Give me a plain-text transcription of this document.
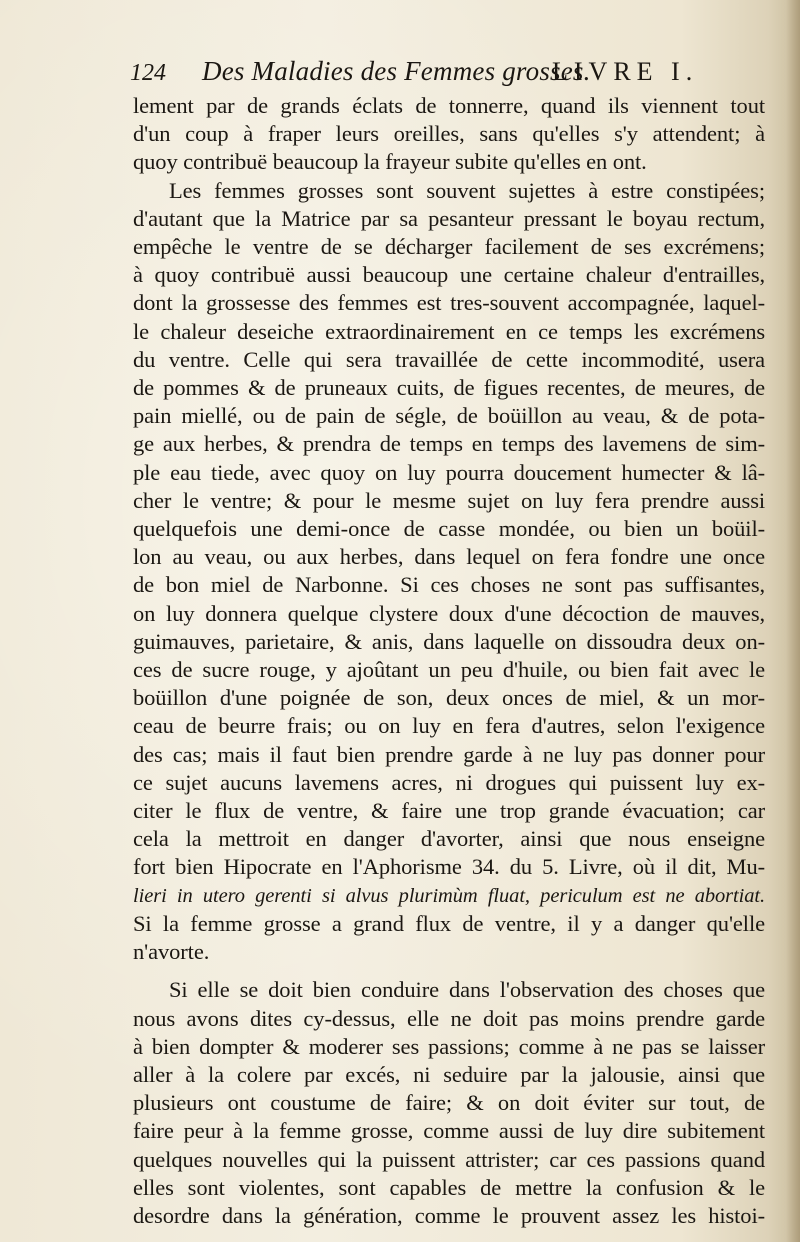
124 Des Maladies des Femmes grosses.
LIVRE I.

lement par de grands éclats de tonnerre, quand ils viennent tout
d'un coup à fraper leurs oreilles, sans qu'elles s'y attendent; à
quoy contribuë beaucoup la frayeur subite qu'elles en ont.

Les femmes grosses sont souvent sujettes à estre constipées;
d'autant que la Matrice par sa pesanteur pressant le boyau rectum,
empêche le ventre de se décharger facilement de ses excrémens;
à quoy contribuë aussi beaucoup une certaine chaleur d'entrailles,
dont la grossesse des femmes est tres-souvent accompagnée, laquel-
le chaleur deseiche extraordinairement en ce temps les excrémens
du ventre. Celle qui sera travaillée de cette incommodité, usera
de pommes & de pruneaux cuits, de figues recentes, de meures, de
pain miellé, ou de pain de ségle, de boüillon au veau, & de pota-
ge aux herbes, & prendra de temps en temps des lavemens de sim-
ple eau tiede, avec quoy on luy pourra doucement humecter & lâ-
cher le ventre; & pour le mesme sujet on luy fera prendre aussi
quelquefois une demi-once de casse mondée, ou bien un boüil-
lon au veau, ou aux herbes, dans lequel on fera fondre une once
de bon miel de Narbonne. Si ces choses ne sont pas suffisantes,
on luy donnera quelque clystere doux d'une décoction de mauves,
guimauves, parietaire, & anis, dans laquelle on dissoudra deux on-
ces de sucre rouge, y ajoûtant un peu d'huile, ou bien fait avec le
boüillon d'une poignée de son, deux onces de miel, & un mor-
ceau de beurre frais; ou on luy en fera d'autres, selon l'exigence
des cas; mais il faut bien prendre garde à ne luy pas donner pour
ce sujet aucuns lavemens acres, ni drogues qui puissent luy ex-
citer le flux de ventre, & faire une trop grande évacuation; car
cela la mettroit en danger d'avorter, ainsi que nous enseigne
fort bien Hipocrate en l'Aphorisme 34. du 5. Livre, où il dit, Mu-
lieri in utero gerenti si alvus plurimùm fluat, periculum est ne abortiat.
Si la femme grosse a grand flux de ventre, il y a danger qu'elle
n'avorte.

Si elle se doit bien conduire dans l'observation des choses que
nous avons dites cy-dessus, elle ne doit pas moins prendre garde
à bien dompter & moderer ses passions; comme à ne pas se laisser
aller à la colere par excés, ni seduire par la jalousie, ainsi que
plusieurs ont coustume de faire; & on doit éviter sur tout, de
faire peur à la femme grosse, comme aussi de luy dire subitement
quelques nouvelles qui la puissent attrister; car ces passions quand
elles sont violentes, sont capables de mettre la confusion & le
desordre dans la génération, comme le prouvent assez les histoi-
